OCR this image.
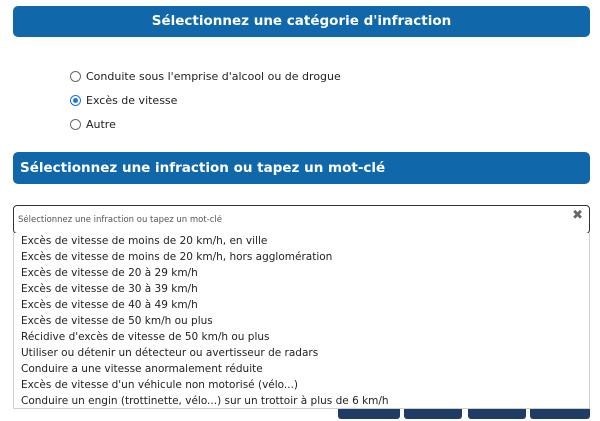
Sélectionnez une catégorie d'infraction
Conduite sous l'emprise d'alcool ou de drogue
Excès de vitesse
Autre
Sélectionnez une infraction ou tapez un mot-clé
Sélectionnez une infraction ou tapez un mot-clé
✖
Excès de vitesse de moins de 20 km/h, en ville
Excès de vitesse de moins de 20 km/h, hors agglomération
Excès de vitesse de 20 à 29 km/h
Excès de vitesse de 30 à 39 km/h
Excès de vitesse de 40 à 49 km/h
Excès de vitesse de 50 km/h ou plus
Récidive d'excès de vitesse de 50 km/h ou plus
Utiliser ou détenir un détecteur ou avertisseur de radars
Conduire a une vitesse anormalement réduite
Excès de vitesse d'un véhicule non motorisé (vélo...)
Conduire un engin (trottinette, vélo...) sur un trottoir à plus de 6 km/h
